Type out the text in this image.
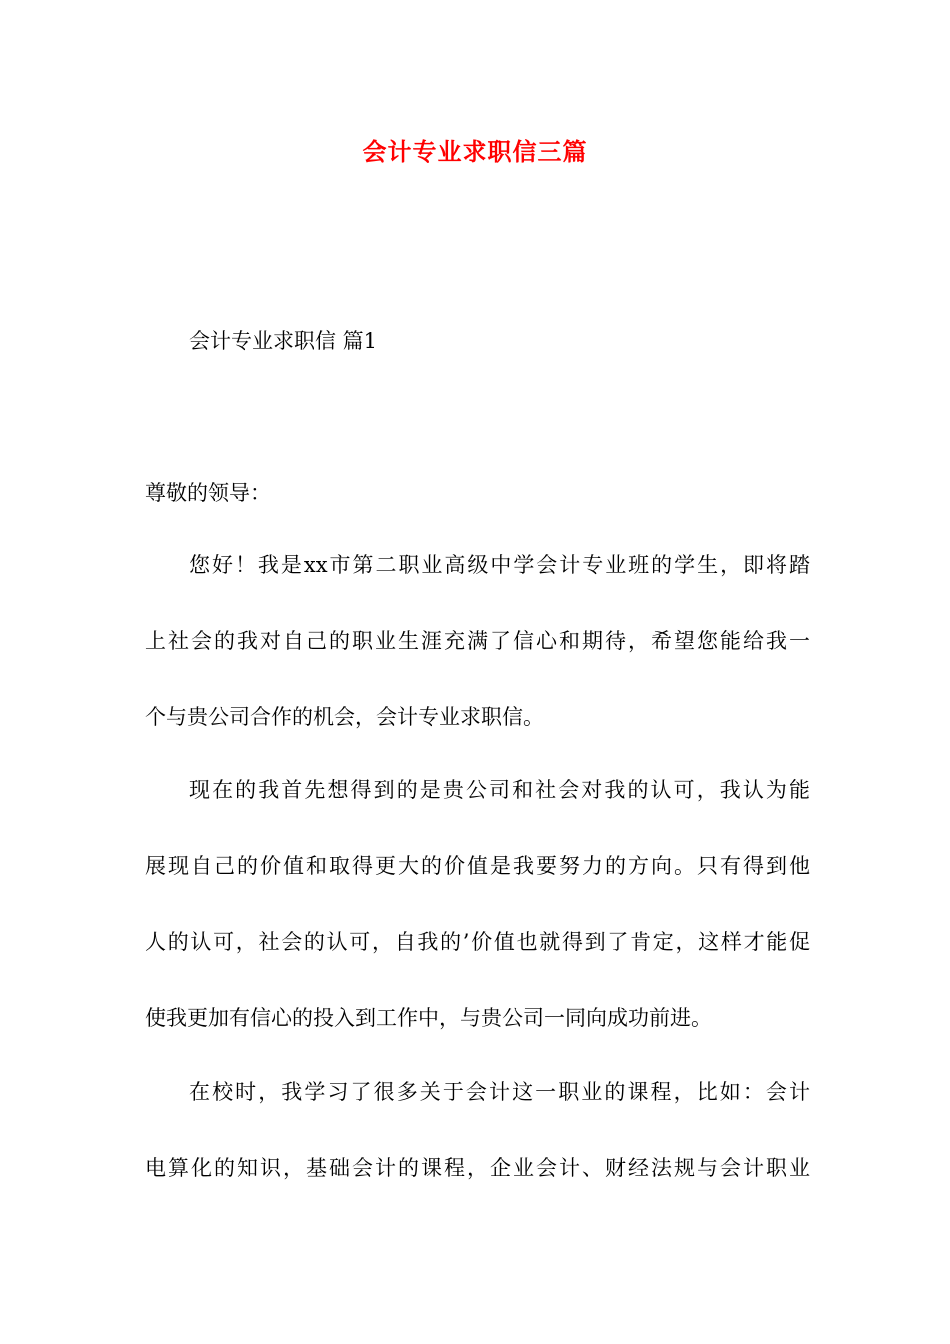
会计专业求职信三篇
会计专业求职信 篇1
尊敬的领导：
您好！我是xx市第二职业高级中学会计专业班的学生，即将踏
上社会的我对自己的职业生涯充满了信心和期待，希望您能给我一
个与贵公司合作的机会，会计专业求职信。
现在的我首先想得到的是贵公司和社会对我的认可，我认为能
展现自己的价值和取得更大的价值是我要努力的方向。只有得到他
人的认可，社会的认可，自我的’价值也就得到了肯定，这样才能促
使我更加有信心的投入到工作中，与贵公司一同向成功前进。
在校时，我学习了很多关于会计这一职业的课程，比如：会计
电算化的知识，基础会计的课程，企业会计、财经法规与会计职业
